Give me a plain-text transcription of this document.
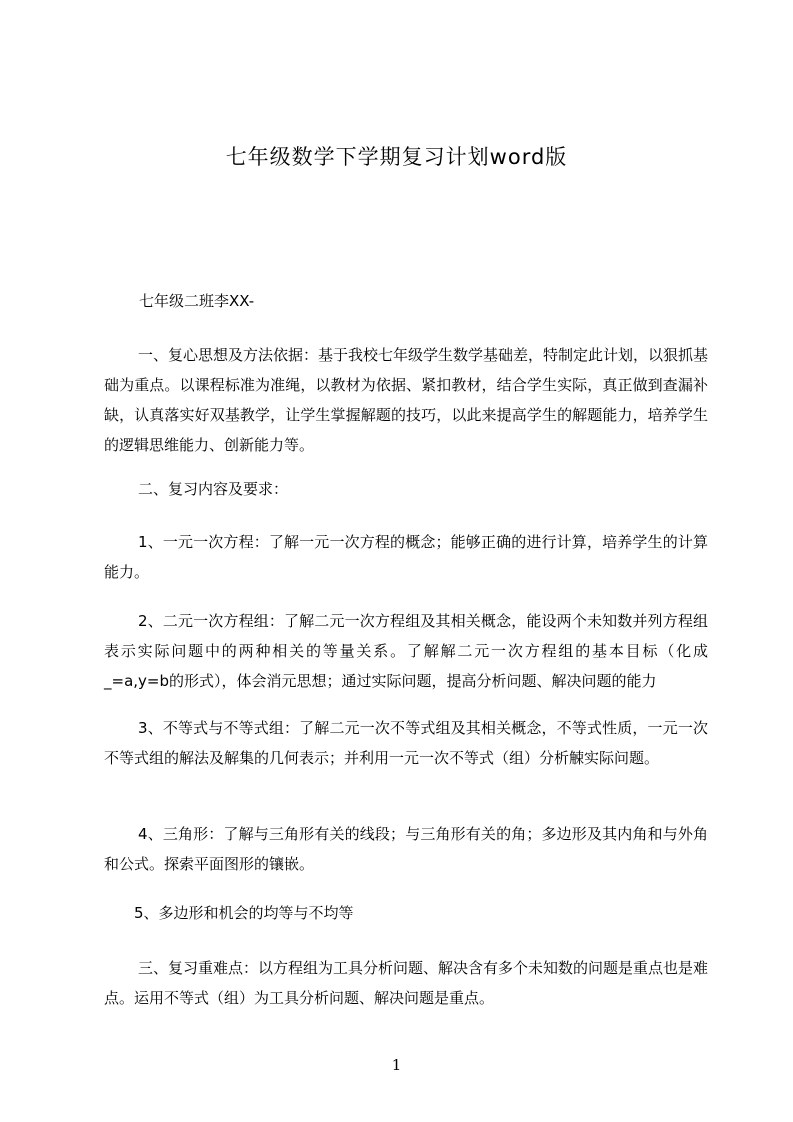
七年级数学下学期复习计划word版
七年级二班李XX-

一、复心思想及方法依据：基于我校七年级学生数学基础差，特制定此计划，以狠抓基础为重点。以课程标准为准绳，以教材为依据、紧扣教材，结合学生实际，真正做到查漏补缺，认真落实好双基教学，让学生掌握解题的技巧，以此来提高学生的解题能力，培养学生的逻辑思维能力、创新能力等。

二、复习内容及要求：

1、一元一次方程：了解一元一次方程的概念；能够正确的进行计算，培养学生的计算能力。

2、二元一次方程组：了解二元一次方程组及其相关概念，能设两个未知数并列方程组表示实际问题中的两种相关的等量关系。了解解二元一次方程组的基本目标（化成_=a,y=b的形式），体会消元思想；通过实际问题，提高分析问题、解决问题的能力

3、不等式与不等式组：了解二元一次不等式组及其相关概念，不等式性质，一元一次不等式组的解法及解集的几何表示；并利用一元一次不等式（组）分析觫实际问题。

4、三角形：了解与三角形有关的线段；与三角形有关的角；多边形及其内角和与外角和公式。探索平面图形的镶嵌。

5、多边形和机会的均等与不均等

三、复习重难点：以方程组为工具分析问题、解决含有多个未知数的问题是重点也是难点。运用不等式（组）为工具分析问题、解决问题是重点。

1
